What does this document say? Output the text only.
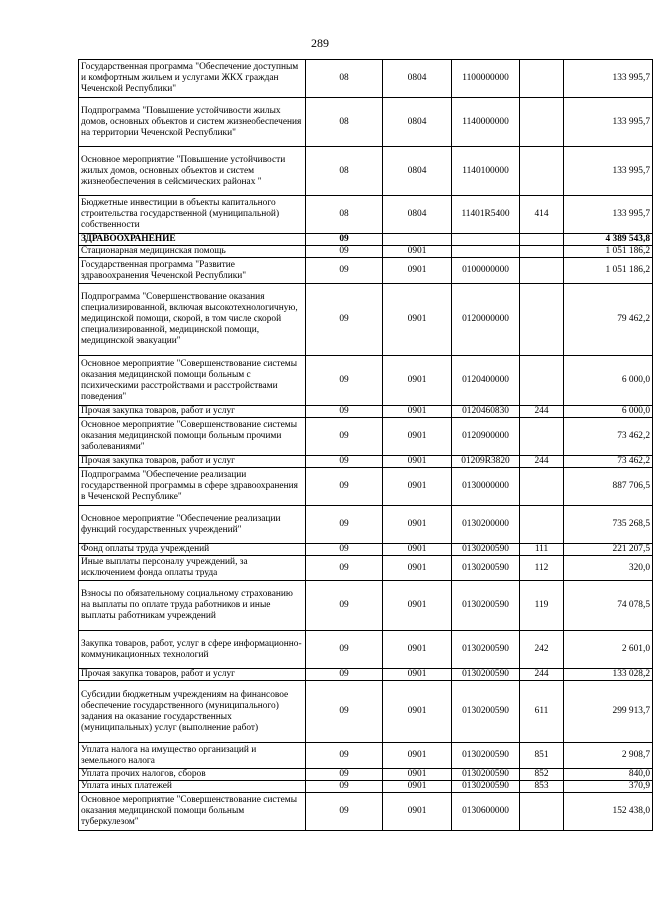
289
Государственная программа "Обеспечение доступным и комфортным жильем и услугами ЖКХ граждан Чеченской Республики"	08	0804	1100000000		133 995,7
Подпрограмма "Повышение устойчивости жилых домов, основных объектов и систем жизнеобеспечения на территории Чеченской Республики"	08	0804	1140000000		133 995,7
Основное мероприятие "Повышение устойчивости жилых домов, основных объектов и систем жизнеобеспечения в сейсмических районах "	08	0804	1140100000		133 995,7
Бюджетные инвестиции в объекты капитального строительства государственной (муниципальной) собственности	08	0804	11401R5400	414	133 995,7
ЗДРАВООХРАНЕНИЕ	09				4 389 543,8
Стационарная медицинская помощь	09	0901			1 051 186,2
Государственная программа "Развитие здравоохранения Чеченской Республики"	09	0901	0100000000		1 051 186,2
Подпрограмма "Совершенствование оказания специализированной, включая высокотехнологичную, медицинской помощи, скорой, в том числе скорой специализированной, медицинской помощи, медицинской эвакуации"	09	0901	0120000000		79 462,2
Основное мероприятие "Совершенствование системы оказания медицинской помощи больным с психическими расстройствами и расстройствами поведения"	09	0901	0120400000		6 000,0
Прочая закупка товаров, работ и услуг	09	0901	0120460830	244	6 000,0
Основное мероприятие "Совершенствование системы оказания медицинской помощи больным прочими заболеваниями"	09	0901	0120900000		73 462,2
Прочая закупка товаров, работ и услуг	09	0901	01209R3820	244	73 462,2
Подпрограмма "Обеспечение реализации государственной программы в сфере здравоохранения в Чеченской Республике"	09	0901	0130000000		887 706,5
Основное мероприятие "Обеспечение реализации функций государственных учреждений"	09	0901	0130200000		735 268,5
Фонд оплаты труда учреждений	09	0901	0130200590	111	221 207,5
Иные выплаты персоналу учреждений, за исключением фонда оплаты труда	09	0901	0130200590	112	320,0
Взносы по обязательному социальному страхованию на выплаты по оплате труда работников и иные выплаты работникам учреждений	09	0901	0130200590	119	74 078,5
Закупка товаров, работ, услуг в сфере информационно-коммуникационных технологий	09	0901	0130200590	242	2 601,0
Прочая закупка товаров, работ и услуг	09	0901	0130200590	244	133 028,2
Субсидии бюджетным учреждениям на финансовое обеспечение государственного (муниципального) задания на оказание государственных (муниципальных) услуг (выполнение работ)	09	0901	0130200590	611	299 913,7
Уплата налога на имущество организаций и земельного налога	09	0901	0130200590	851	2 908,7
Уплата прочих налогов, сборов	09	0901	0130200590	852	840,0
Уплата иных платежей	09	0901	0130200590	853	370,9
Основное мероприятие "Совершенствование системы оказания медицинской помощи больным туберкулезом"	09	0901	0130600000		152 438,0
